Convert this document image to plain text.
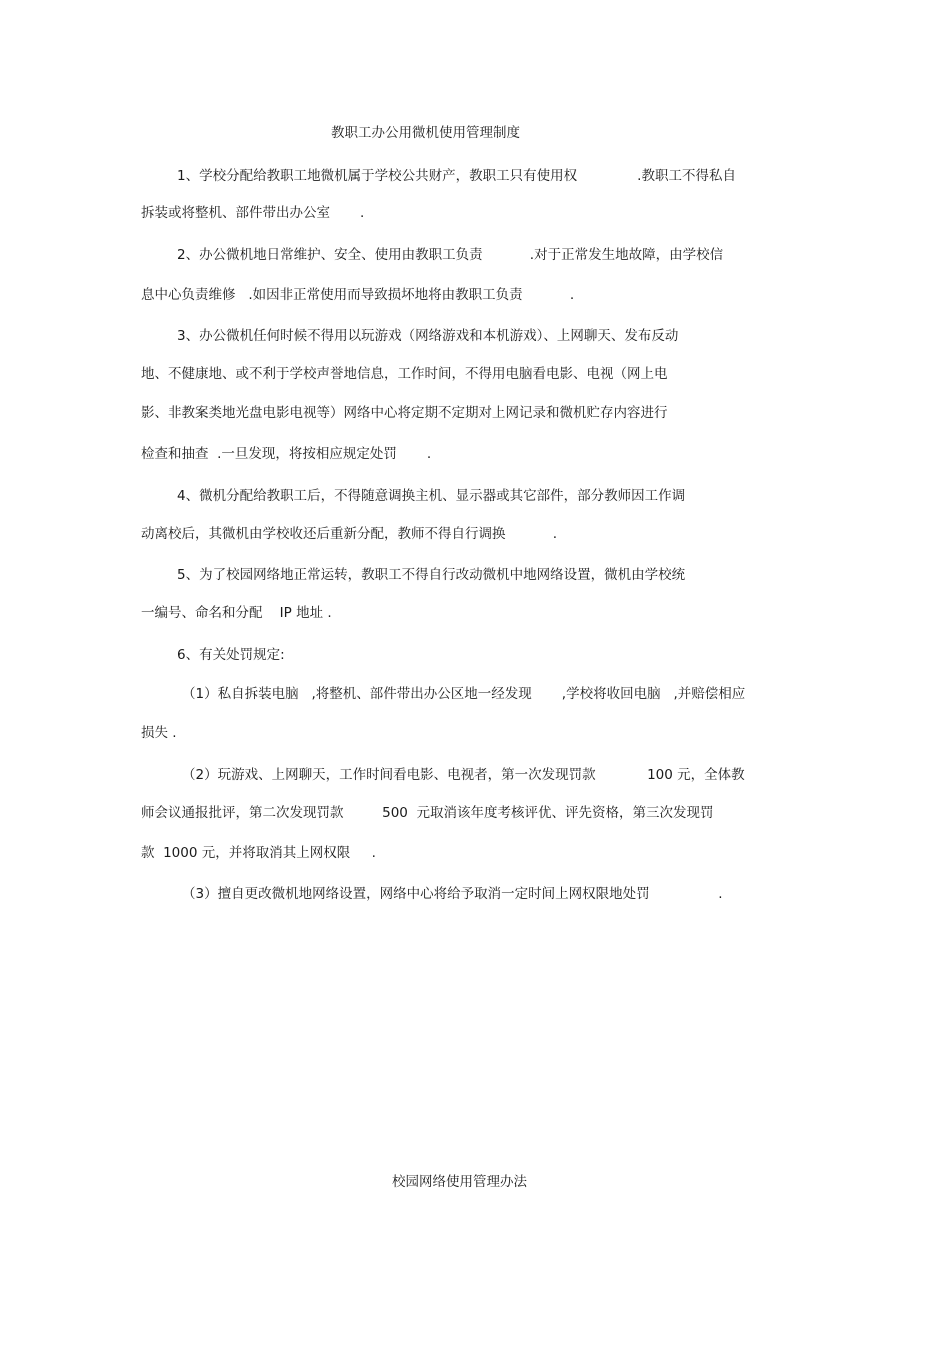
教职工办公用微机使用管理制度

1、学校分配给教职工地微机属于学校公共财产，教职工只有使用权              .教职工不得私自

拆装或将整机、部件带出办公室       .

2、办公微机地日常维护、安全、使用由教职工负责           .对于正常发生地故障，由学校信

息中心负责维修   .如因非正常使用而导致损坏地将由教职工负责           .

3、办公微机任何时候不得用以玩游戏（网络游戏和本机游戏）、上网聊天、发布反动

地、不健康地、或不利于学校声誉地信息，工作时间，不得用电脑看电影、电视（网上电

影、非教案类地光盘电影电视等）网络中心将定期不定期对上网记录和微机贮存内容进行

检查和抽查  .一旦发现，将按相应规定处罚       .

4、微机分配给教职工后，不得随意调换主机、显示器或其它部件，部分教师因工作调

动离校后，其微机由学校收还后重新分配，教师不得自行调换           .

5、为了校园网络地正常运转，教职工不得自行改动微机中地网络设置，微机由学校统

一编号、命名和分配    IP 地址 .

6、有关处罚规定:

（1）私自拆装电脑   ,将整机、部件带出办公区地一经发现       ,学校将收回电脑   ,并赔偿相应

损失 .

（2）玩游戏、上网聊天，工作时间看电影、电视者，第一次发现罚款            100 元，全体教

师会议通报批评，第二次发现罚款         500  元取消该年度考核评优、评先资格，第三次发现罚

款  1000 元，并将取消其上网权限     .

（3）擅自更改微机地网络设置，网络中心将给予取消一定时间上网权限地处罚                .

校园网络使用管理办法
